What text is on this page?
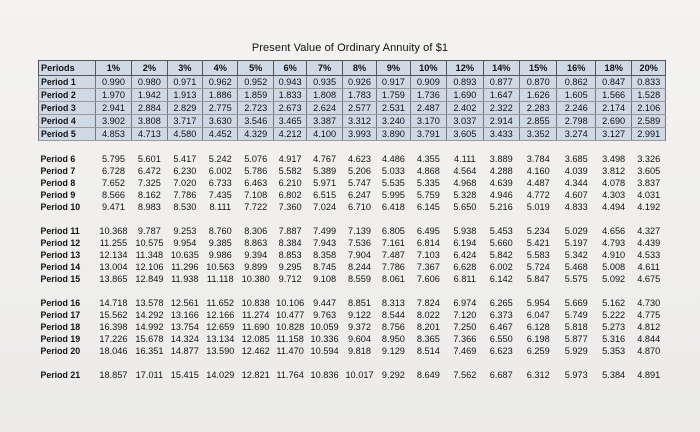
Present Value of Ordinary Annuity of $1
Periods	1%	2%	3%	4%	5%	6%	7%	8%	9%	10%	12%	14%	15%	16%	18%	20%
Period 1	0.990	0.980	0.971	0.962	0.952	0.943	0.935	0.926	0.917	0.909	0.893	0.877	0.870	0.862	0.847	0.833
Period 2	1.970	1.942	1.913	1.886	1.859	1.833	1.808	1.783	1.759	1.736	1.690	1.647	1.626	1.605	1.566	1.528
Period 3	2.941	2.884	2.829	2.775	2.723	2.673	2.624	2.577	2.531	2.487	2.402	2.322	2.283	2.246	2.174	2.106
Period 4	3.902	3.808	3.717	3.630	3.546	3.465	3.387	3.312	3.240	3.170	3.037	2.914	2.855	2.798	2.690	2.589
Period 5	4.853	4.713	4.580	4.452	4.329	4.212	4.100	3.993	3.890	3.791	3.605	3.433	3.352	3.274	3.127	2.991

Period 6	5.795	5.601	5.417	5.242	5.076	4.917	4.767	4.623	4.486	4.355	4.111	3.889	3.784	3.685	3.498	3.326
Period 7	6.728	6.472	6.230	6.002	5.786	5.582	5.389	5.206	5.033	4.868	4.564	4.288	4.160	4.039	3.812	3.605
Period 8	7.652	7.325	7.020	6.733	6.463	6.210	5.971	5.747	5.535	5.335	4.968	4.639	4.487	4.344	4.078	3.837
Period 9	8.566	8.162	7.786	7.435	7.108	6.802	6.515	6.247	5.995	5.759	5.328	4.946	4.772	4.607	4.303	4.031
Period 10	9.471	8.983	8.530	8.111	7.722	7.360	7.024	6.710	6.418	6.145	5.650	5.216	5.019	4.833	4.494	4.192

Period 11	10.368	9.787	9.253	8.760	8.306	7.887	7.499	7.139	6.805	6.495	5.938	5.453	5.234	5.029	4.656	4.327
Period 12	11.255	10.575	9.954	9.385	8.863	8.384	7.943	7.536	7.161	6.814	6.194	5.660	5.421	5.197	4.793	4.439
Period 13	12.134	11.348	10.635	9.986	9.394	8.853	8.358	7.904	7.487	7.103	6.424	5.842	5.583	5.342	4.910	4.533
Period 14	13.004	12.106	11.296	10.563	9.899	9.295	8.745	8.244	7.786	7.367	6.628	6.002	5.724	5.468	5.008	4.611
Period 15	13.865	12.849	11.938	11.118	10.380	9.712	9.108	8.559	8.061	7.606	6.811	6.142	5.847	5.575	5.092	4.675

Period 16	14.718	13.578	12.561	11.652	10.838	10.106	9.447	8.851	8.313	7.824	6.974	6.265	5.954	5.669	5.162	4.730
Period 17	15.562	14.292	13.166	12.166	11.274	10.477	9.763	9.122	8.544	8.022	7.120	6.373	6.047	5.749	5.222	4.775
Period 18	16.398	14.992	13.754	12.659	11.690	10.828	10.059	9.372	8.756	8.201	7.250	6.467	6.128	5.818	5.273	4.812
Period 19	17.226	15.678	14.324	13.134	12.085	11.158	10.336	9.604	8.950	8.365	7.366	6.550	6.198	5.877	5.316	4.844
Period 20	18.046	16.351	14.877	13.590	12.462	11.470	10.594	9.818	9.129	8.514	7.469	6.623	6.259	5.929	5.353	4.870

Period 21	18.857	17.011	15.415	14.029	12.821	11.764	10.836	10.017	9.292	8.649	7.562	6.687	6.312	5.973	5.384	4.891
